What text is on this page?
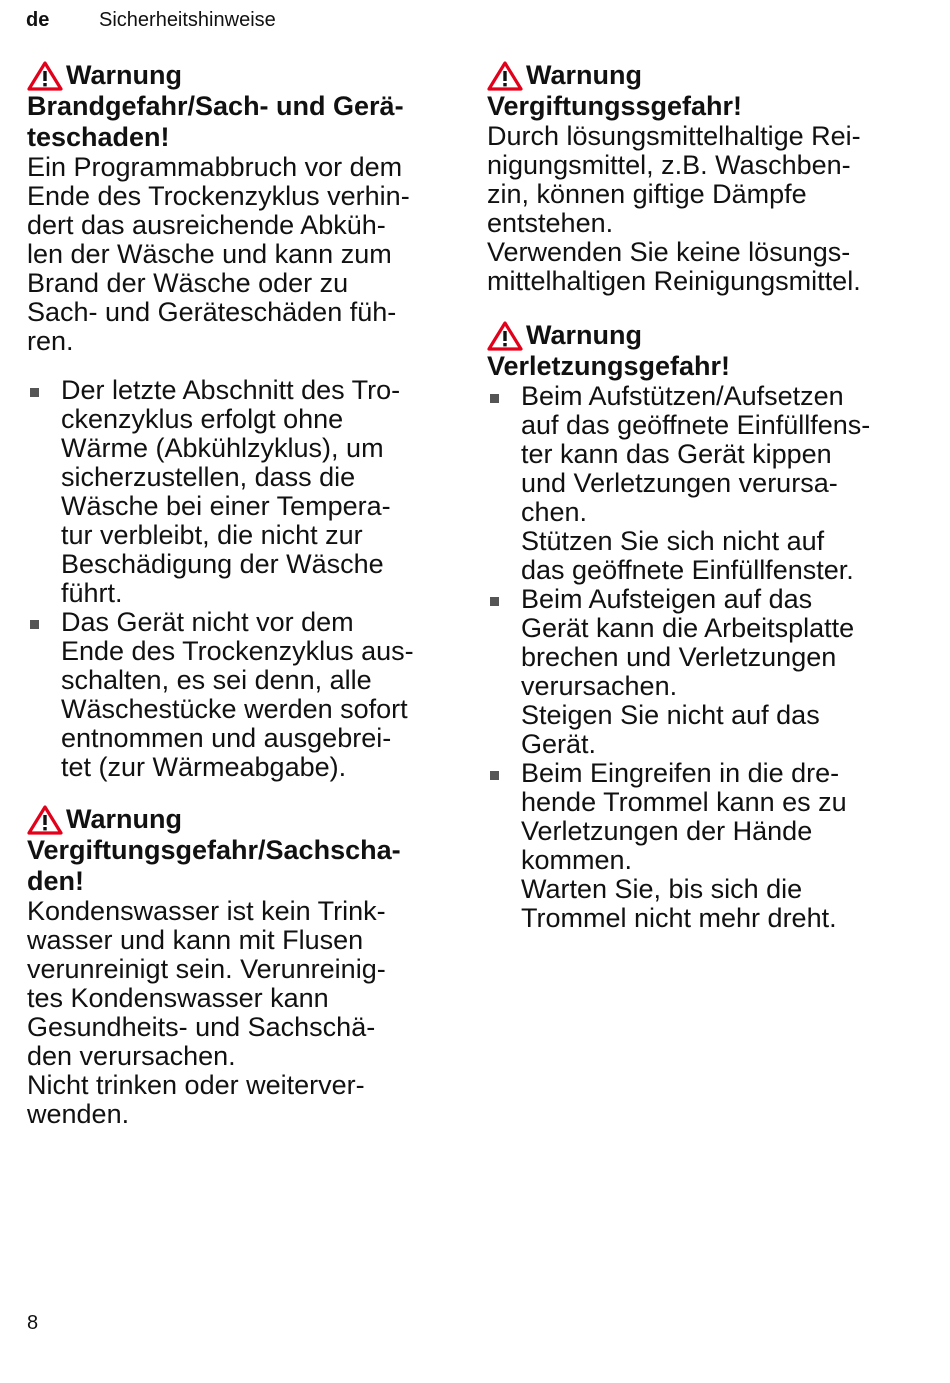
de Sicherheitshinweise
Warnung
Brandgefahr/Sach- und Gerä-
teschaden!

Ein Programmabbruch vor dem
Ende des Trockenzyklus verhin-
dert das ausreichende Abküh-
len der Wäsche und kann zum
Brand der Wäsche oder zu
Sach- und Geräteschäden füh-
ren.

Der letzte Abschnitt des Tro-
ckenzyklus erfolgt ohne
Wärme (Abkühlzyklus), um
sicherzustellen, dass die
Wäsche bei einer Tempera-
tur verbleibt, die nicht zur
Beschädigung der Wäsche
führt.
Das Gerät nicht vor dem
Ende des Trockenzyklus aus-
schalten, es sei denn, alle
Wäschestücke werden sofort
entnommen und ausgebrei-
tet (zur Wärmeabgabe).
Warnung
Vergiftungsgefahr/Sachscha-
den!

Kondenswasser ist kein Trink-
wasser und kann mit Flusen
verunreinigt sein. Verunreinig-
tes Kondenswasser kann
Gesundheits- und Sachschä-
den verursachen.

Nicht trinken oder weiterver-
wenden.

Warnung
Vergiftungssgefahr!

Durch lösungsmittelhaltige Rei-
nigungsmittel, z.B. Waschben-
zin, können giftige Dämpfe
entstehen.

Verwenden Sie keine lösungs-
mittelhaltigen Reinigungsmittel.

Warnung
Verletzungsgefahr!
Beim Aufstützen/Aufsetzen
auf das geöffnete Einfüllfens-
ter kann das Gerät kippen
und Verletzungen verursa-
chen.
Stützen Sie sich nicht auf
das geöffnete Einfüllfenster.
Beim Aufsteigen auf das
Gerät kann die Arbeitsplatte
brechen und Verletzungen
verursachen.
Steigen Sie nicht auf das
Gerät.
Beim Eingreifen in die dre-
hende Trommel kann es zu
Verletzungen der Hände
kommen.
Warten Sie, bis sich die
Trommel nicht mehr dreht.
8
